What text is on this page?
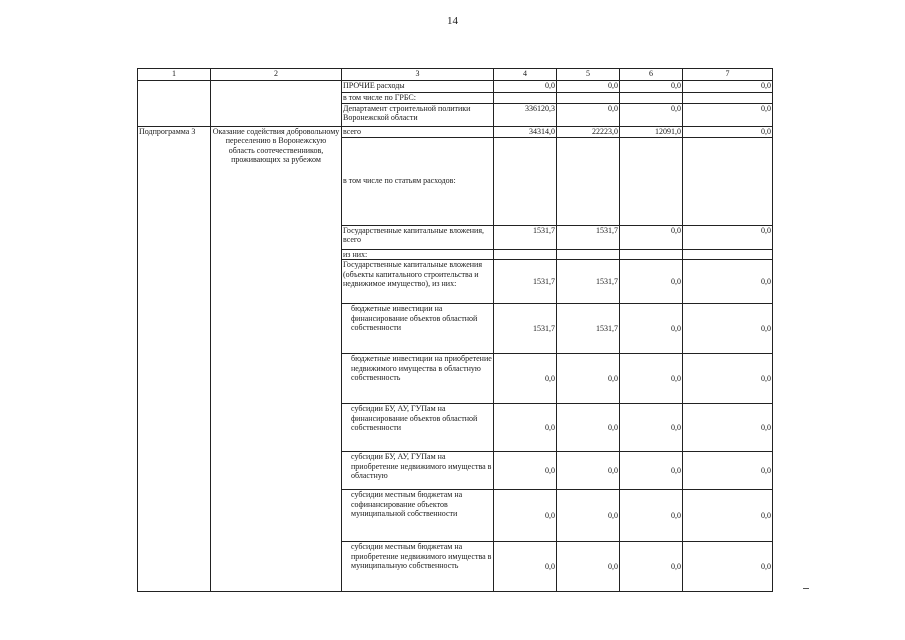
14
1	2	3	4	5	6	7
		ПРОЧИЕ расходы	0,0	0,0	0,0	0,0
		в том числе по ГРБС:				
		Департамент строительной политики Воронежской области	336120,3	0,0	0,0	0,0
Подпрограмма 3	Оказание содействия добровольному переселению в Воронежскую область соотечественников, проживающих за рубежом	всего	34314,0	22223,0	12091,0	0,0
		в том числе по статьям расходов:				
		Государственные капитальные вложения, всего	1531,7	1531,7	0,0	0,0
		из них:				
		Государственные капитальные вложения (объекты капитального строительства и недвижимое имущество), из них:	1531,7	1531,7	0,0	0,0
		бюджетные инвестиции на финансирование объектов областной собственности	1531,7	1531,7	0,0	0,0
		бюджетные инвестиции на приобретение недвижимого имущества в областную собственность	0,0	0,0	0,0	0,0
		субсидии БУ, АУ, ГУПам на финансирование объектов областной собственности	0,0	0,0	0,0	0,0
		субсидии БУ, АУ, ГУПам на приобретение недвижимого имущества в областную	0,0	0,0	0,0	0,0
		субсидии местным бюджетам на софинансирование объектов муниципальной собственности	0,0	0,0	0,0	0,0
		субсидии местным бюджетам на приобретение недвижимого имущества в муниципальную собственность	0,0	0,0	0,0	0,0
